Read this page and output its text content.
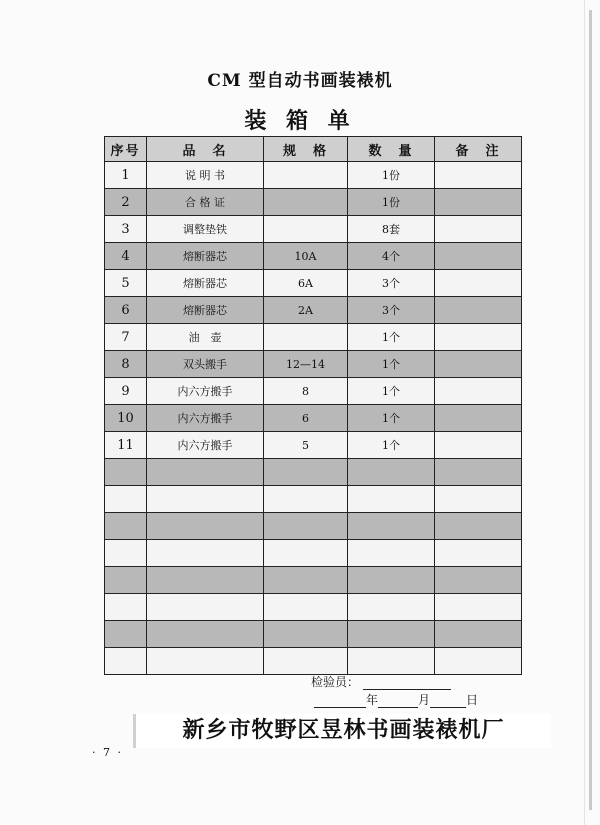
CM 型自动书画装裱机
装 箱 单
序号	品　名	规　格	数　量	备　注
1	说 明 书		1份	
2	合 格 证		1份	
3	调整垫铁		8套	
4	熔断器芯	10A	4个	
5	熔断器芯	6A	3个	
6	熔断器芯	2A	3个	
7	油　壶		1个	
8	双头搬手	12—14	1个	
9	内六方搬手	8	1个	
10	内六方搬手	6	1个	
11	内六方搬手	5	1个	

检验员：
年	月	日
新乡市牧野区昱林书画装裱机厂
· 7 ·
